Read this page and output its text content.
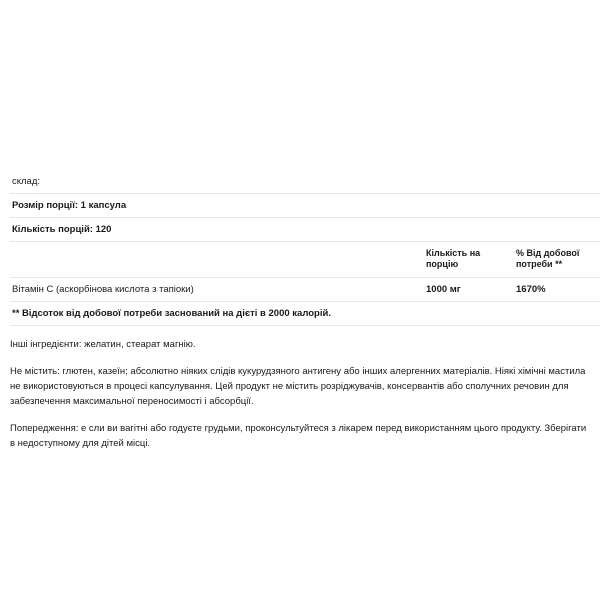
склад:		
Розмір порції: 1 капсула		
Кількість порцій: 120		
	Кількість на порцію	% Від добової потреби **
Вітамін C (аскорбінова кислота з тапіоки)	1000 мг	1670%
** Відсоток від добової потреби заснований на дієті в 2000 калорій.		

Інші інгредієнти: желатин, стеарат магнію.

Не містить: глютен, казеїн; абсолютно ніяких слідів кукурудзяного антигену або інших алергенних матеріалів. Ніякі хімічні мастила не використовуються в процесі капсулування. Цей продукт не містить розріджувачів, консервантів або сполучних речовин для забезпечення максимальної переносимості і абсорбції.

Попередження: е сли ви вагітні або годуєте грудьми, проконсультуйтеся з лікарем перед використанням цього продукту. Зберігати в недоступному для дітей місці.
